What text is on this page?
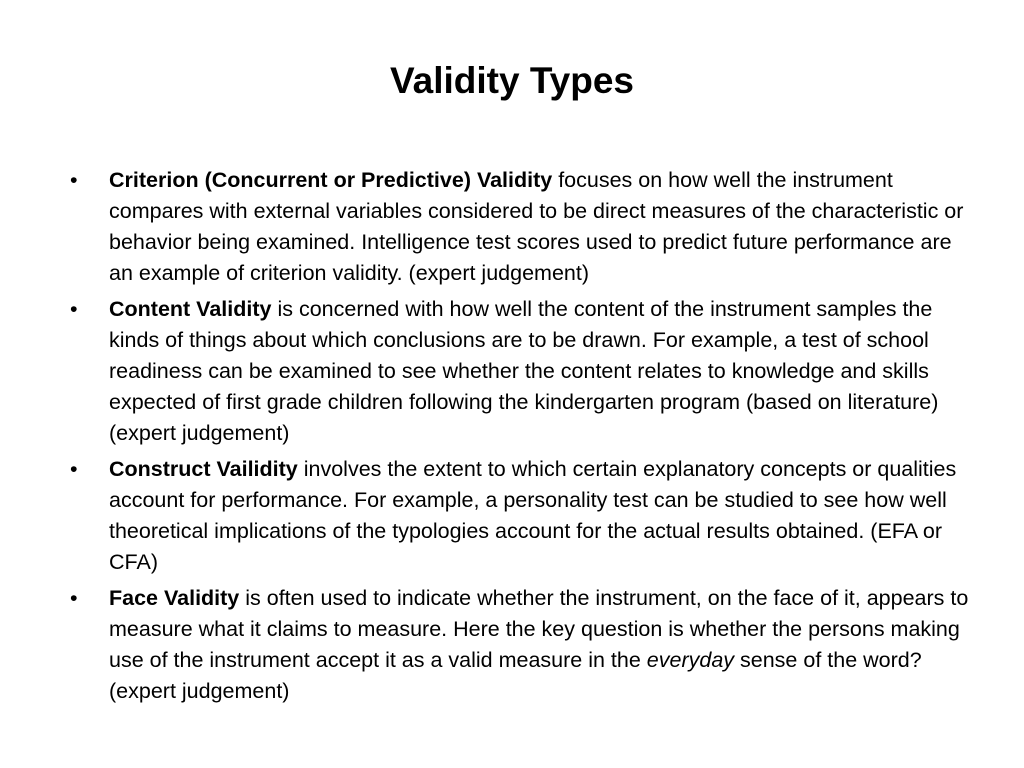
Validity Types
•	Criterion (Concurrent or Predictive) Validity focuses on how well the instrument compares with external variables considered to be direct measures of the characteristic or behavior being examined. Intelligence test scores used to predict future performance are an example of criterion validity. (expert judgement)
•	Content Validity is concerned with how well the content of the instrument samples the kinds of things about which conclusions are to be drawn. For example, a test of school readiness can be examined to see whether the content relates to knowledge and skills expected of first grade children following the kindergarten program (based on literature) (expert judgement)
•	Construct Vailidity involves the extent to which certain explanatory concepts or qualities account for performance. For example, a personality test can be studied to see how well theoretical implications of the typologies account for the actual results obtained. (EFA or CFA)
•	Face Validity is often used to indicate whether the instrument, on the face of it, appears to measure what it claims to measure. Here the key question is whether the persons making use of the instrument accept it as a valid measure in the everyday sense of the word? (expert judgement)
